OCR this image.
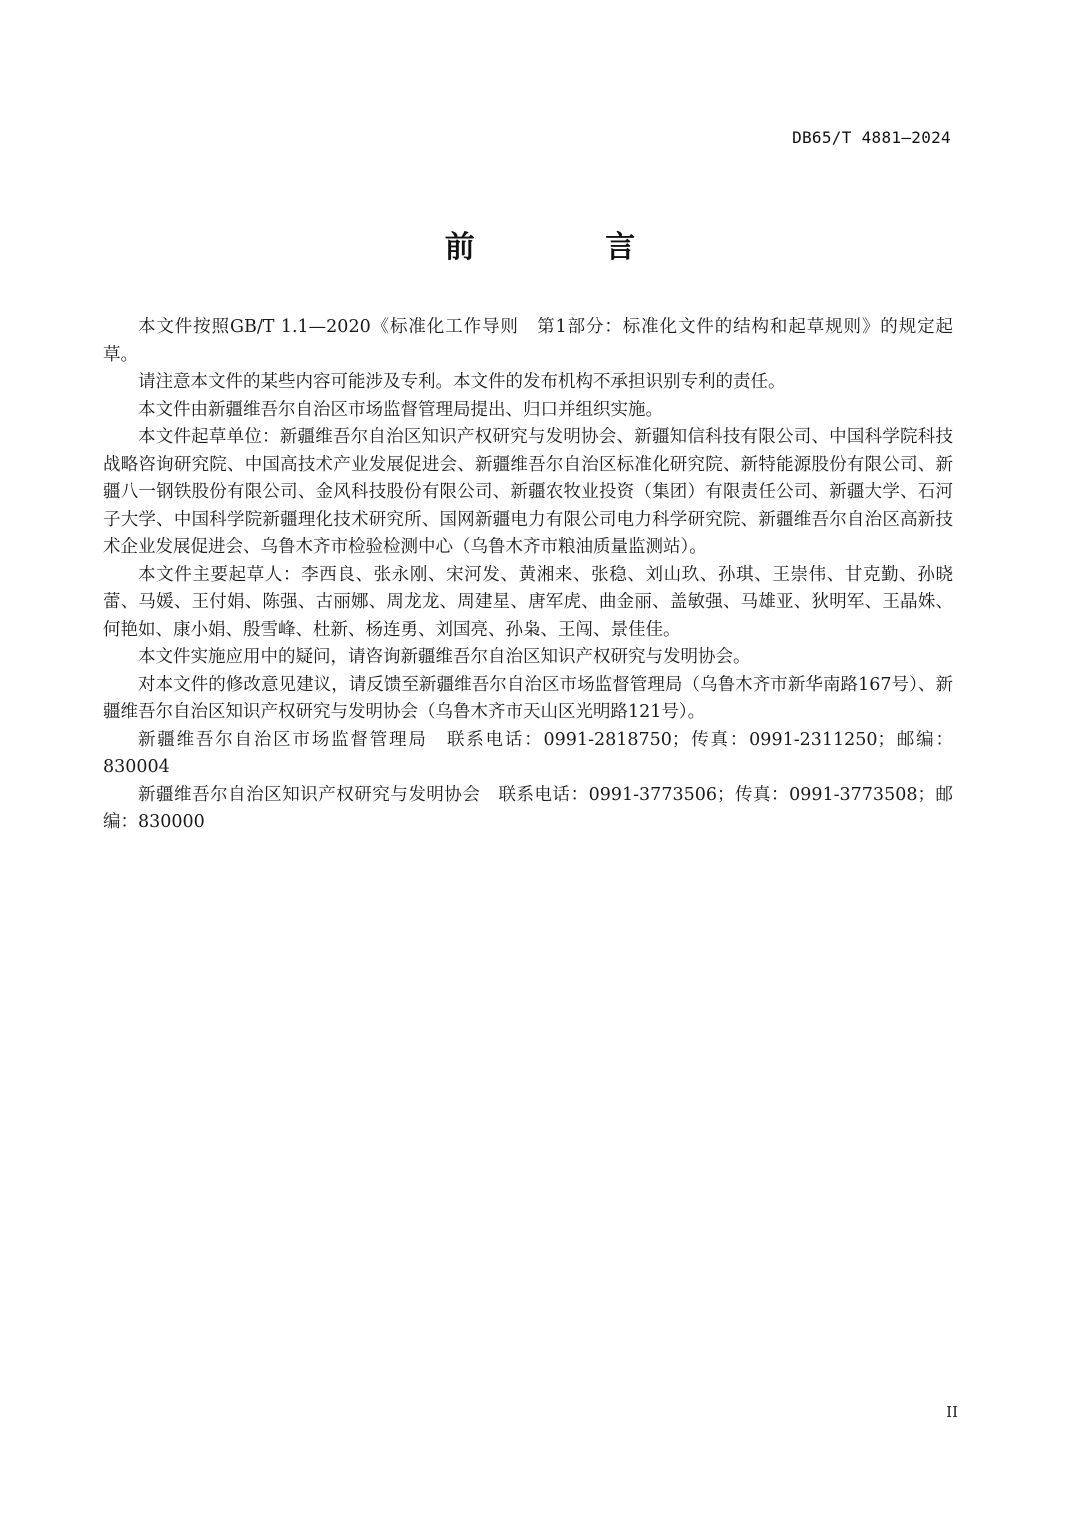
DB65/T 4881—2024
前 言

本文件按照GB/T 1.1—2020《标准化工作导则　第1部分：标准化文件的结构和起草规则》的规定起草。

请注意本文件的某些内容可能涉及专利。本文件的发布机构不承担识别专利的责任。

本文件由新疆维吾尔自治区市场监督管理局提出、归口并组织实施。

本文件起草单位：新疆维吾尔自治区知识产权研究与发明协会、新疆知信科技有限公司、中国科学院科技战略咨询研究院、中国高技术产业发展促进会、新疆维吾尔自治区标准化研究院、新特能源股份有限公司、新疆八一钢铁股份有限公司、金风科技股份有限公司、新疆农牧业投资（集团）有限责任公司、新疆大学、石河子大学、中国科学院新疆理化技术研究所、国网新疆电力有限公司电力科学研究院、新疆维吾尔自治区高新技术企业发展促进会、乌鲁木齐市检验检测中心（乌鲁木齐市粮油质量监测站）。

本文件主要起草人：李西良、张永刚、宋河发、黄湘来、张稳、刘山玖、孙琪、王崇伟、甘克勤、孙晓蕾、马媛、王付娟、陈强、古丽娜、周龙龙、周建星、唐军虎、曲金丽、盖敏强、马雄亚、狄明军、王晶姝、何艳如、康小娟、殷雪峰、杜新、杨连勇、刘国亮、孙枭、王闯、景佳佳。

本文件实施应用中的疑问，请咨询新疆维吾尔自治区知识产权研究与发明协会。

对本文件的修改意见建议，请反馈至新疆维吾尔自治区市场监督管理局（乌鲁木齐市新华南路167号）、新疆维吾尔自治区知识产权研究与发明协会（乌鲁木齐市天山区光明路121号）。

新疆维吾尔自治区市场监督管理局　联系电话：0991-2818750；传真：0991-2311250；邮编：830004

新疆维吾尔自治区知识产权研究与发明协会　联系电话：0991-3773506；传真：0991-3773508；邮编：830000

II
